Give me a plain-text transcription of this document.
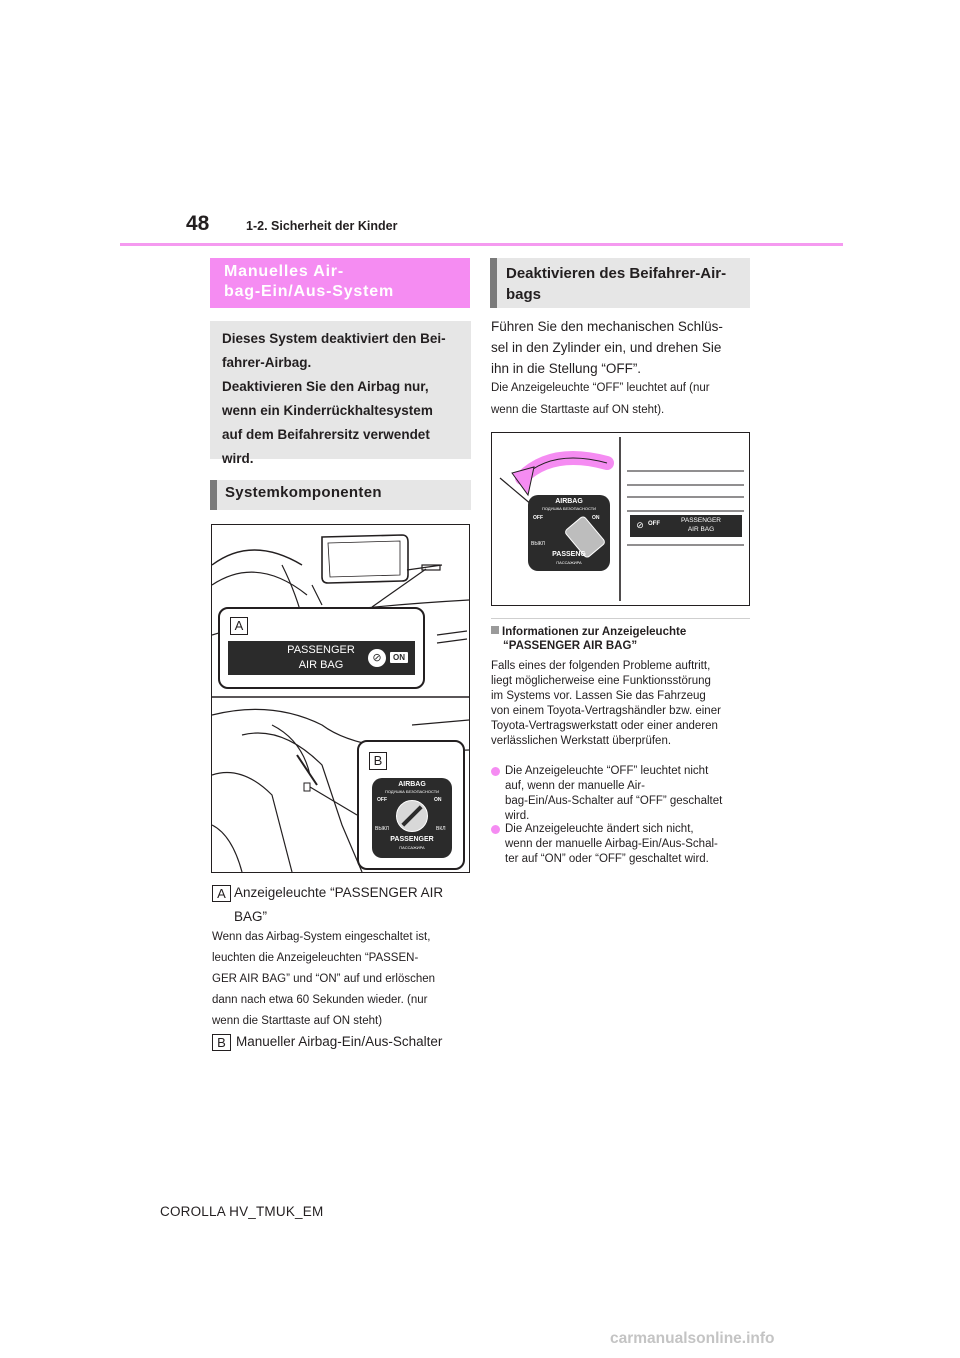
48	1-2. Sicherheit der Kinder
Manuelles Air-
bag-Ein/Aus-System

Dieses System deaktiviert den Bei-

fahrer-Airbag.

Deaktivieren Sie den Airbag nur,

wenn ein Kinderrückhaltesystem

auf dem Beifahrersitz verwendet

wird.

Systemkomponenten
A
PASSENGER
AIR BAG
⊘	ON
B
AIRBAG
ПОДУШКА БЕЗОПАСНОСТИ
OFF	ON
ВЫКЛ	ВКЛ
PASSENGER
ПАССАЖИРА
A Anzeigeleuchte “PASSENGER AIR
BAG”
Wenn das Airbag-System eingeschaltet ist,
leuchten die Anzeigeleuchten “PASSEN-
GER AIR BAG” und “ON” auf und erlöschen
dann nach etwa 60 Sekunden wieder. (nur
wenn die Starttaste auf ON steht)
B Manueller Airbag-Ein/Aus-Schalter
Deaktivieren des Beifahrer-Air-
bags
Führen Sie den mechanischen Schlüs-
sel in den Zylinder ein, und drehen Sie
ihn in die Stellung “OFF”.
Die Anzeigeleuchte “OFF” leuchtet auf (nur
wenn die Starttaste auf ON steht).
AIRBAG
ПОДУШКА БЕЗОПАСНОСТИ
OFF	ON
ВЫКЛ
PASSENG
ПАССАЖИРА
⊘ OFF	PASSENGER
AIR BAG
Informationen zur Anzeigeleuchte
“PASSENGER AIR BAG”
Falls eines der folgenden Probleme auftritt,
liegt möglicherweise eine Funktionsstörung
im Systems vor. Lassen Sie das Fahrzeug
von einem Toyota-Vertragshändler bzw. einer
Toyota-Vertragswerkstatt oder einer anderen
verlässlichen Werkstatt überprüfen.
Die Anzeigeleuchte “OFF” leuchtet nicht
auf, wenn der manuelle Air-
bag-Ein/Aus-Schalter auf “OFF” geschaltet
wird.
Die Anzeigeleuchte ändert sich nicht,
wenn der manuelle Airbag-Ein/Aus-Schal-
ter auf “ON” oder “OFF” geschaltet wird.
COROLLA HV_TMUK_EM
carmanualsonline.info
